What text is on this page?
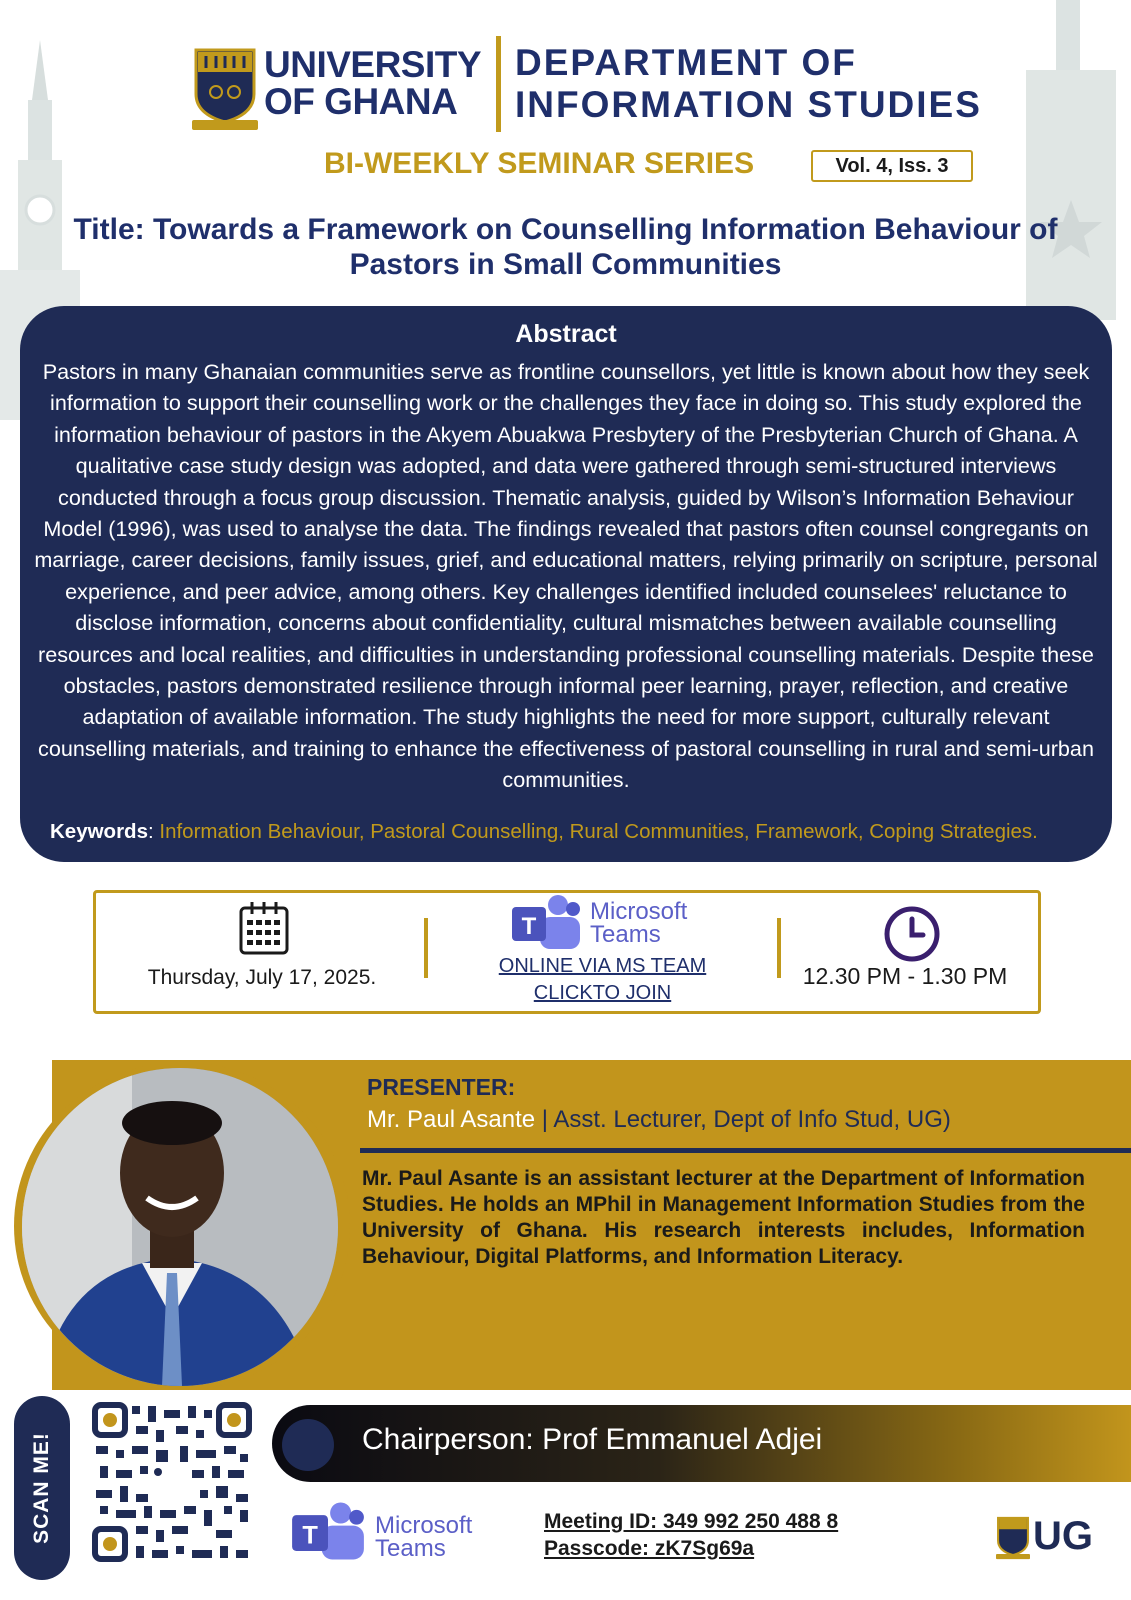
UNIVERSITY
OF GHANA
DEPARTMENT OF
INFORMATION STUDIES
BI-WEEKLY SEMINAR SERIES	Vol. 4, Iss. 3
Title: Towards a Framework on Counselling Information Behaviour of
Pastors in Small Communities
Abstract
Pastors in many Ghanaian communities serve as frontline counsellors, yet little is known about how they seek information to support their counselling work or the challenges they face in doing so. This study explored the information behaviour of pastors in the Akyem Abuakwa Presbytery of the Presbyterian Church of Ghana. A qualitative case study design was adopted, and data were gathered through semi-structured interviews conducted through a focus group discussion. Thematic analysis, guided by Wilson’s Information Behaviour Model (1996), was used to analyse the data. The findings revealed that pastors often counsel congregants on marriage, career decisions, family issues, grief, and educational matters, relying primarily on scripture, personal experience, and peer advice, among others. Key challenges identified included counselees' reluctance to disclose information, concerns about confidentiality, cultural mismatches between available counselling resources and local realities, and difficulties in understanding professional counselling materials. Despite these obstacles, pastors demonstrated resilience through informal peer learning, prayer, reflection, and creative adaptation of available information. The study highlights the need for more support, culturally relevant counselling materials, and training to enhance the effectiveness of pastoral counselling in rural and semi-urban communities.
Keywords: Information Behaviour, Pastoral Counselling, Rural Communities, Framework, Coping Strategies.
Thursday, July 17, 2025.
T
Microsoft
Teams
ONLINE VIA MS TEAM
CLICKTO JOIN
12.30 PM - 1.30 PM
PRESENTER:
Mr. Paul Asante | Asst. Lecturer, Dept of Info Stud, UG)
Mr. Paul Asante is an assistant lecturer at the Department of Information Studies. He holds an MPhil in Management Information Studies from the University of Ghana. His research interests includes, Information Behaviour, Digital Platforms, and Information Literacy.
SCAN ME!	Chairperson: Prof Emmanuel Adjei
T Microsoft
Teams
Meeting ID: 349 992 250 488 8
Passcode: zK7Sg69a	UG
